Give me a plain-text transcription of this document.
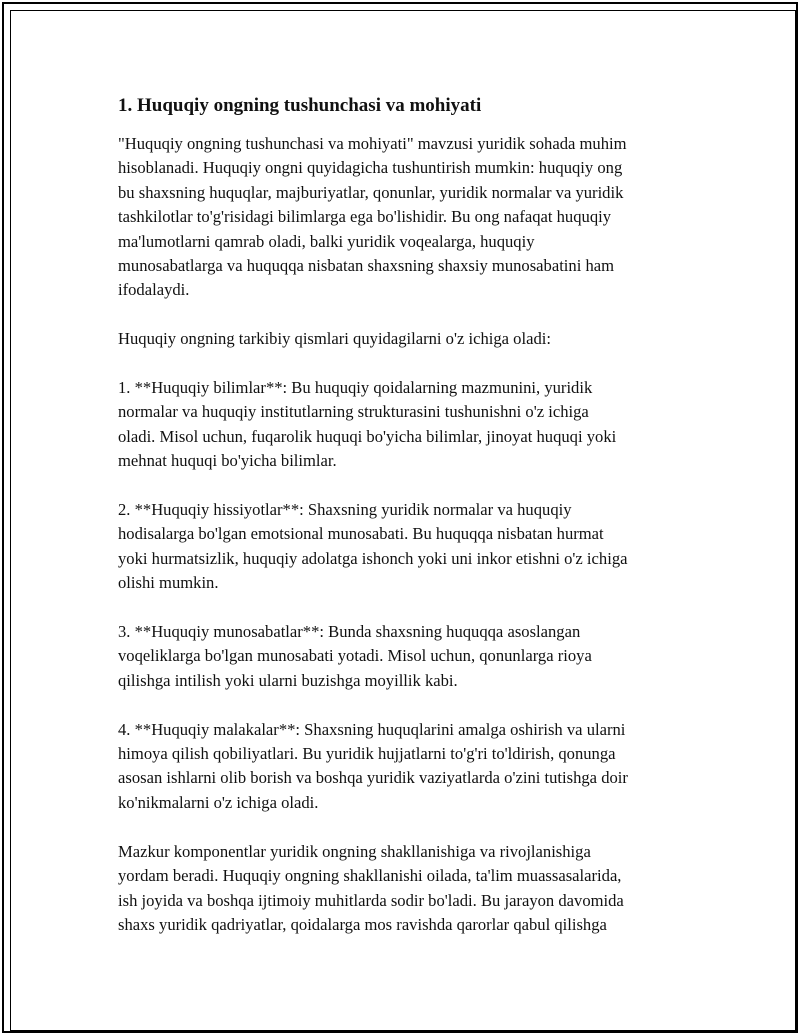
1. Huquqiy ongning tushunchasi va mohiyati
"Huquqiy ongning tushunchasi va mohiyati" mavzusi yuridik sohada muhim
hisoblanadi. Huquqiy ongni quyidagicha tushuntirish mumkin: huquqiy ong
bu shaxsning huquqlar, majburiyatlar, qonunlar, yuridik normalar va yuridik
tashkilotlar to'g'risidagi bilimlarga ega bo'lishidir. Bu ong nafaqat huquqiy
ma'lumotlarni qamrab oladi, balki yuridik voqealarga, huquqiy
munosabatlarga va huquqqa nisbatan shaxsning shaxsiy munosabatini ham
ifodalaydi.
Huquqiy ongning tarkibiy qismlari quyidagilarni o'z ichiga oladi:
1. **Huquqiy bilimlar**: Bu huquqiy qoidalarning mazmunini, yuridik
normalar va huquqiy institutlarning strukturasini tushunishni o'z ichiga
oladi. Misol uchun, fuqarolik huquqi bo'yicha bilimlar, jinoyat huquqi yoki
mehnat huquqi bo'yicha bilimlar.
2. **Huquqiy hissiyotlar**: Shaxsning yuridik normalar va huquqiy
hodisalarga bo'lgan emotsional munosabati. Bu huquqqa nisbatan hurmat
yoki hurmatsizlik, huquqiy adolatga ishonch yoki uni inkor etishni o'z ichiga
olishi mumkin.
3. **Huquqiy munosabatlar**: Bunda shaxsning huquqqa asoslangan
voqeliklarga bo'lgan munosabati yotadi. Misol uchun, qonunlarga rioya
qilishga intilish yoki ularni buzishga moyillik kabi.
4. **Huquqiy malakalar**: Shaxsning huquqlarini amalga oshirish va ularni
himoya qilish qobiliyatlari. Bu yuridik hujjatlarni to'g'ri to'ldirish, qonunga
asosan ishlarni olib borish va boshqa yuridik vaziyatlarda o'zini tutishga doir
ko'nikmalarni o'z ichiga oladi.
Mazkur komponentlar yuridik ongning shakllanishiga va rivojlanishiga
yordam beradi. Huquqiy ongning shakllanishi oilada, ta'lim muassasalarida,
ish joyida va boshqa ijtimoiy muhitlarda sodir bo'ladi. Bu jarayon davomida
shaxs yuridik qadriyatlar, qoidalarga mos ravishda qarorlar qabul qilishga
